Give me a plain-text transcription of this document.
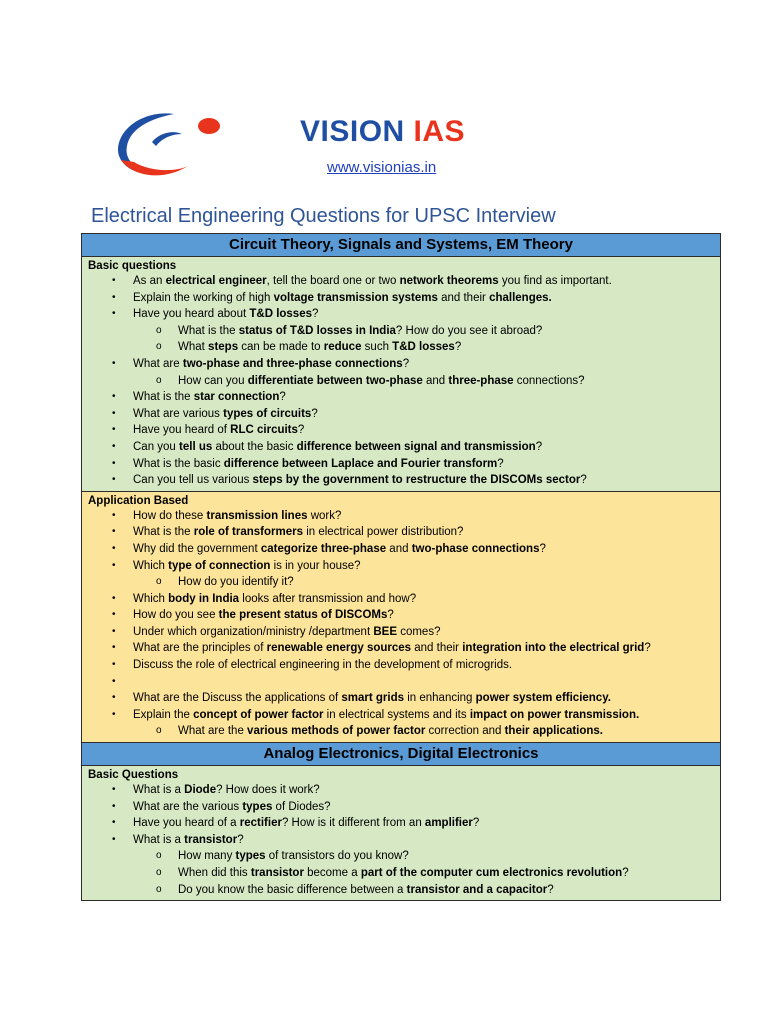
VISION IAS
www.visionias.in
Electrical Engineering Questions for UPSC Interview
Circuit Theory, Signals and Systems, EM Theory
Basic questions
• As an electrical engineer, tell the board one or two network theorems you find as important.
• Explain the working of high voltage transmission systems and their challenges.
• Have you heard about T&D losses?
o What is the status of T&D losses in India? How do you see it abroad?
o What steps can be made to reduce such T&D losses?
• What are two-phase and three-phase connections?
o How can you differentiate between two-phase and three-phase connections?
• What is the star connection?
• What are various types of circuits?
• Have you heard of RLC circuits?
• Can you tell us about the basic difference between signal and transmission?
• What is the basic difference between Laplace and Fourier transform?
• Can you tell us various steps by the government to restructure the DISCOMs sector?
Application Based
• How do these transmission lines work?
• What is the role of transformers in electrical power distribution?
• Why did the government categorize three-phase and two-phase connections?
• Which type of connection is in your house?
o How do you identify it?
• Which body in India looks after transmission and how?
• How do you see the present status of DISCOMs?
• Under which organization/ministry /department BEE comes?
• What are the principles of renewable energy sources and their integration into the electrical grid?
• Discuss the role of electrical engineering in the development of microgrids.
•
• What are the Discuss the applications of smart grids in enhancing power system efficiency.
• Explain the concept of power factor in electrical systems and its impact on power transmission.
o What are the various methods of power factor correction and their applications.
Analog Electronics, Digital Electronics
Basic Questions
• What is a Diode? How does it work?
• What are the various types of Diodes?
• Have you heard of a rectifier? How is it different from an amplifier?
• What is a transistor?
o How many types of transistors do you know?
o When did this transistor become a part of the computer cum electronics revolution?
o Do you know the basic difference between a transistor and a capacitor?
